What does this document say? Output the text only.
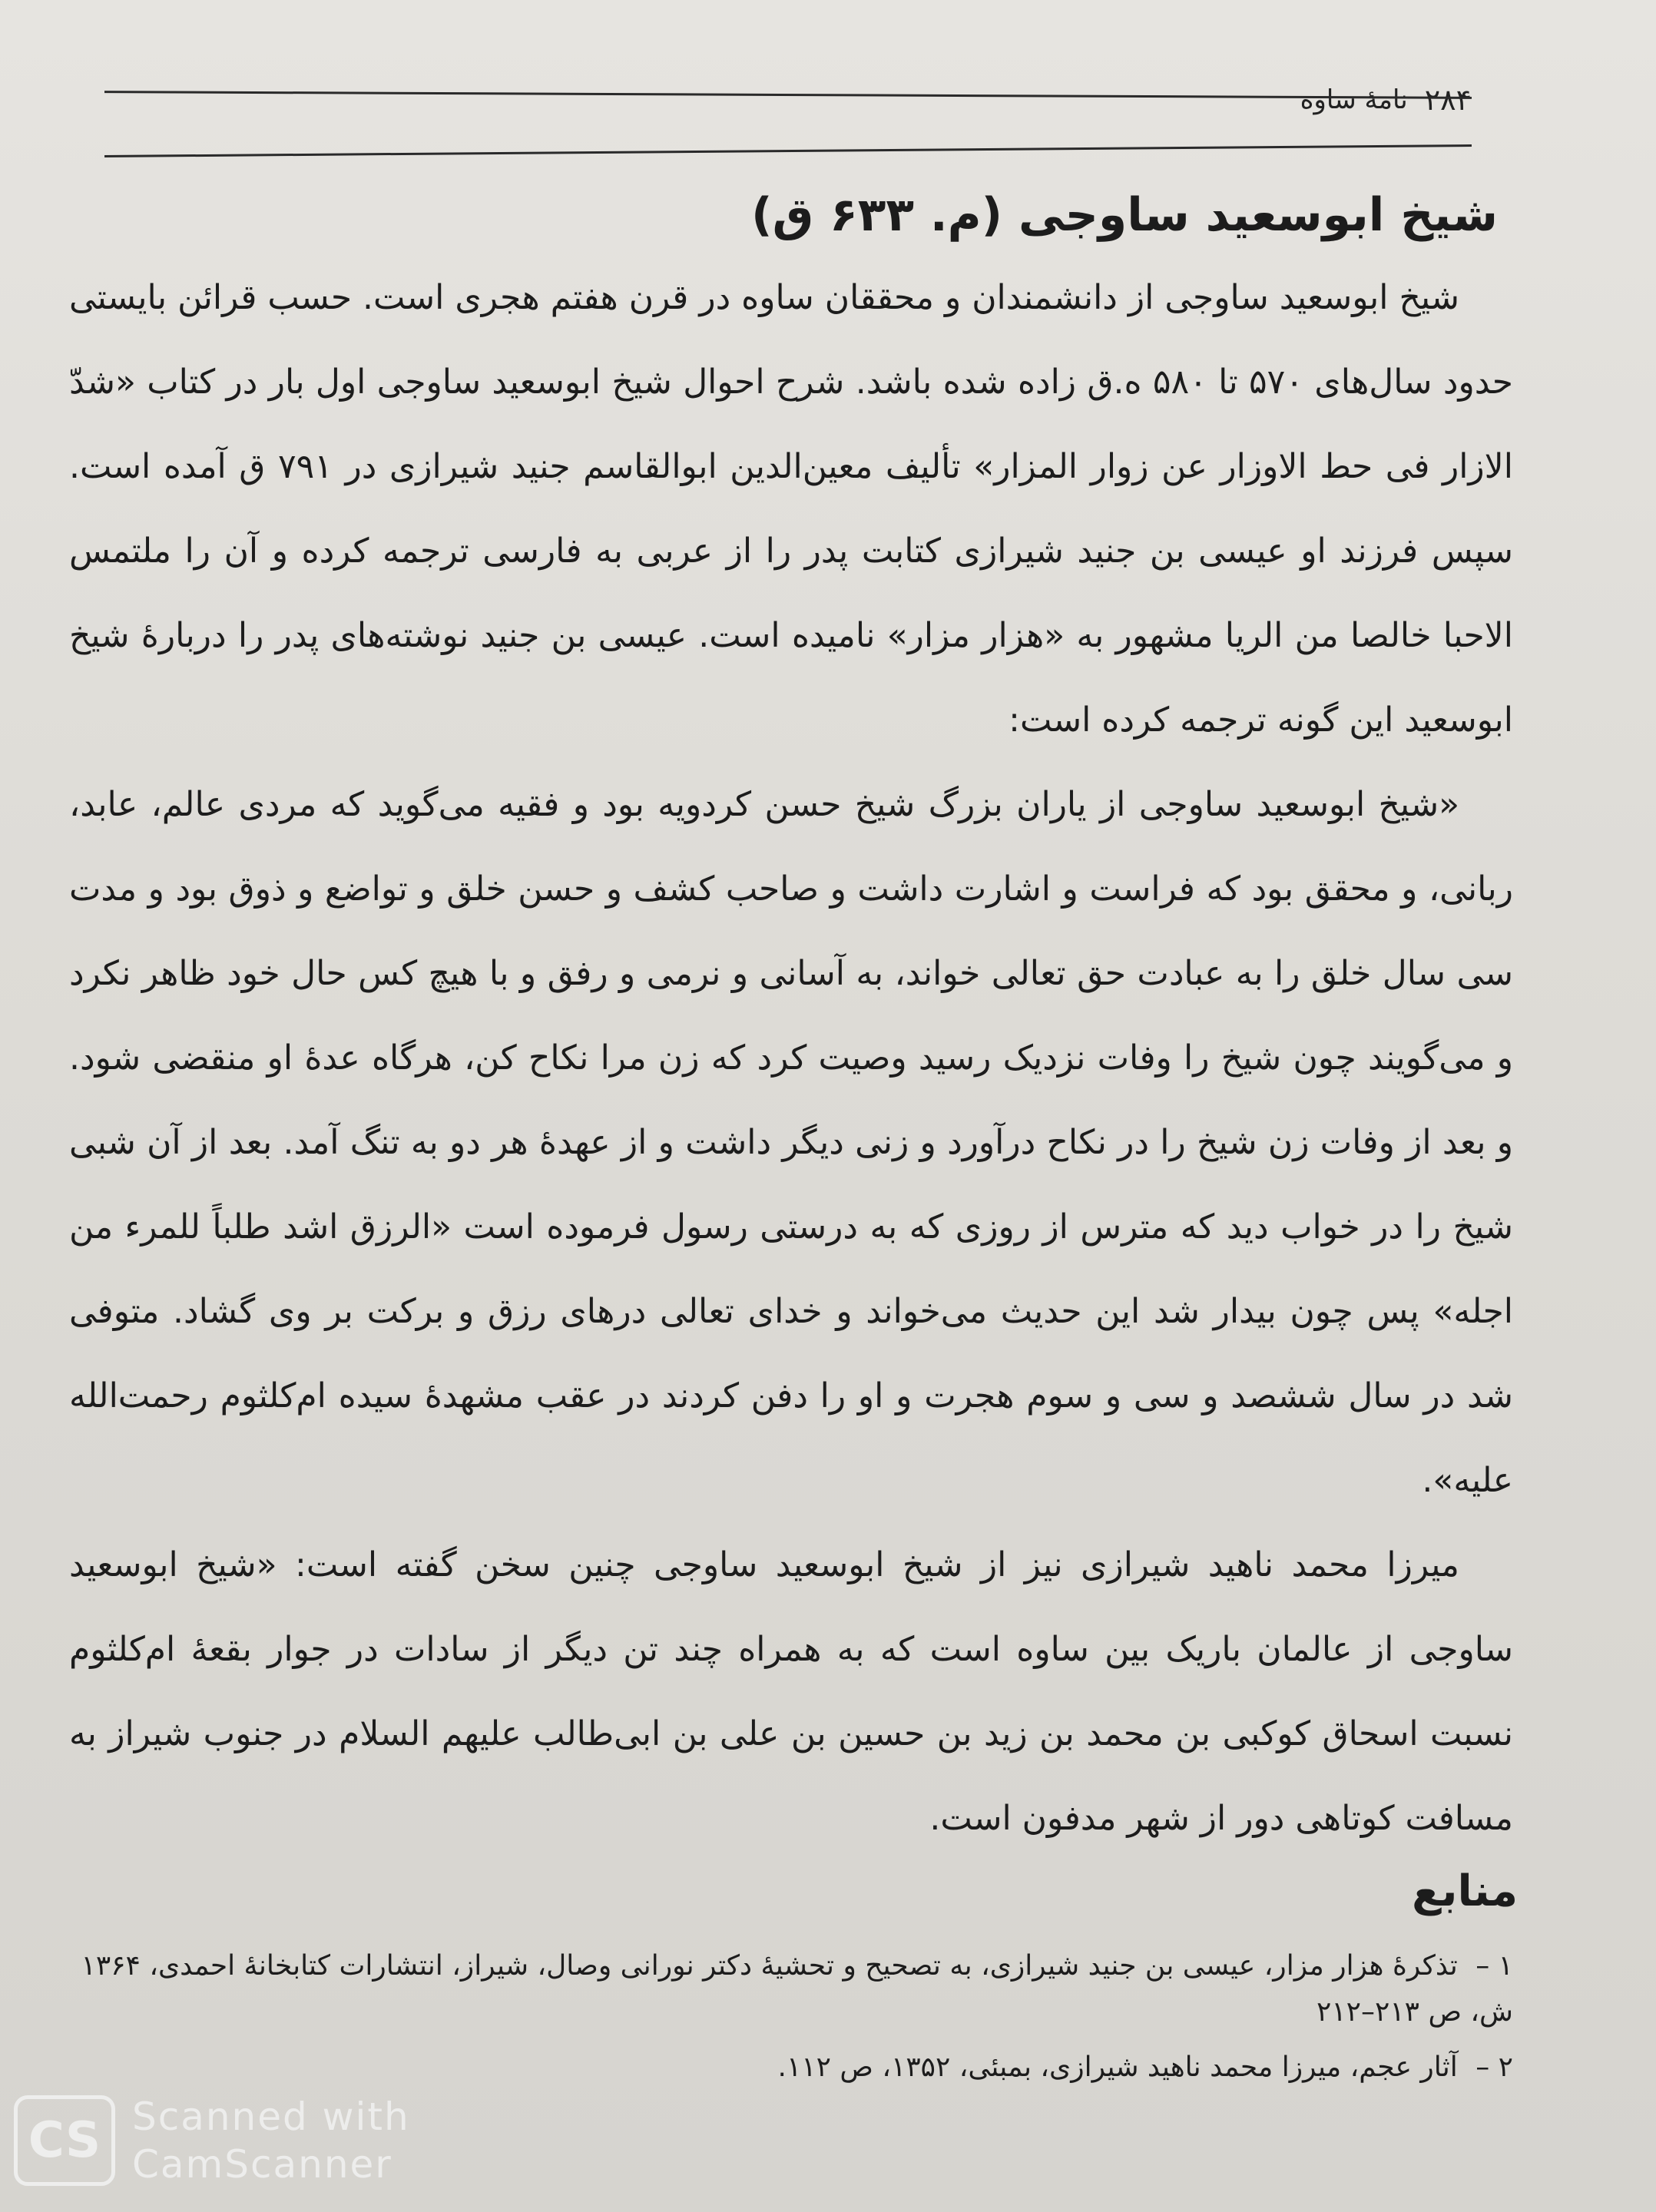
۲۸۴
نامهٔ ساوه
شیخ ابوسعید ساوجی (م. ۶۳۳ ق)

شیخ ابوسعید ساوجی از دانشمندان و محققان ساوه در قرن هفتم هجری است. حسب قرائن بایستی حدود سال‌های ۵۷۰ تا ۵۸۰ ه.ق زاده شده باشد. شرح احوال شیخ ابوسعید ساوجی اول بار در کتاب «شدّ الازار فی حط الاوزار عن زوار المزار» تألیف معین‌الدین ابوالقاسم جنید شیرازی در ۷۹۱ ق آمده است. سپس فرزند او عیسی بن جنید شیرازی کتابت پدر را از عربی به فارسی ترجمه کرده و آن را ملتمس الاحبا خالصا من الریا مشهور به «هزار مزار» نامیده است. عیسی بن جنید نوشته‌های پدر را دربارهٔ شیخ ابوسعید این گونه ترجمه کرده است:

«شیخ ابوسعید ساوجی از یاران بزرگ شیخ حسن کردویه بود و فقیه می‌گوید که مردی عالم، عابد، ربانی، و محقق بود که فراست و اشارت داشت و صاحب کشف و حسن خلق و تواضع و ذوق بود و مدت سی سال خلق را به عبادت حق تعالی خواند، به آسانی و نرمی و رفق و با هیچ کس حال خود ظاهر نکرد و می‌گویند چون شیخ را وفات نزدیک رسید وصیت کرد که زن مرا نکاح کن، هرگاه عدهٔ او منقضی شود. و بعد از وفات زن شیخ را در نکاح درآورد و زنی دیگر داشت و از عهدهٔ هر دو به تنگ آمد. بعد از آن شبی شیخ را در خواب دید که مترس از روزی که به درستی رسول فرموده است «الرزق اشد طلباً للمرء من اجله» پس چون بیدار شد این حدیث می‌خواند و خدای تعالی درهای رزق و برکت بر وی گشاد. متوفی شد در سال ششصد و سی و سوم هجرت و او را دفن کردند در عقب مشهدهٔ سیده ام‌کلثوم رحمت‌الله علیه».

میرزا محمد ناهید شیرازی نیز از شیخ ابوسعید ساوجی چنین سخن گفته است: «شیخ ابوسعید ساوجی از عالمان باریک بین ساوه است که به همراه چند تن دیگر از سادات در جوار بقعهٔ ام‌کلثوم نسبت اسحاق کوکبی بن محمد بن زید بن حسین بن علی بن ابی‌طالب علیهم السلام در جنوب شیراز به مسافت کوتاهی دور از شهر مدفون است.

منابع
۱ – تذکرهٔ هزار مزار، عیسی بن جنید شیرازی، به تصحیح و تحشیهٔ دکتر نورانی وصال، شیراز، انتشارات کتابخانهٔ احمدی، ۱۳۶۴ ش، ص ۲۱۳–۲۱۲
۲ – آثار عجم، میرزا محمد ناهید شیرازی، بمبئی، ۱۳۵۲، ص ۱۱۲.
CS Scanned with
CamScanner
